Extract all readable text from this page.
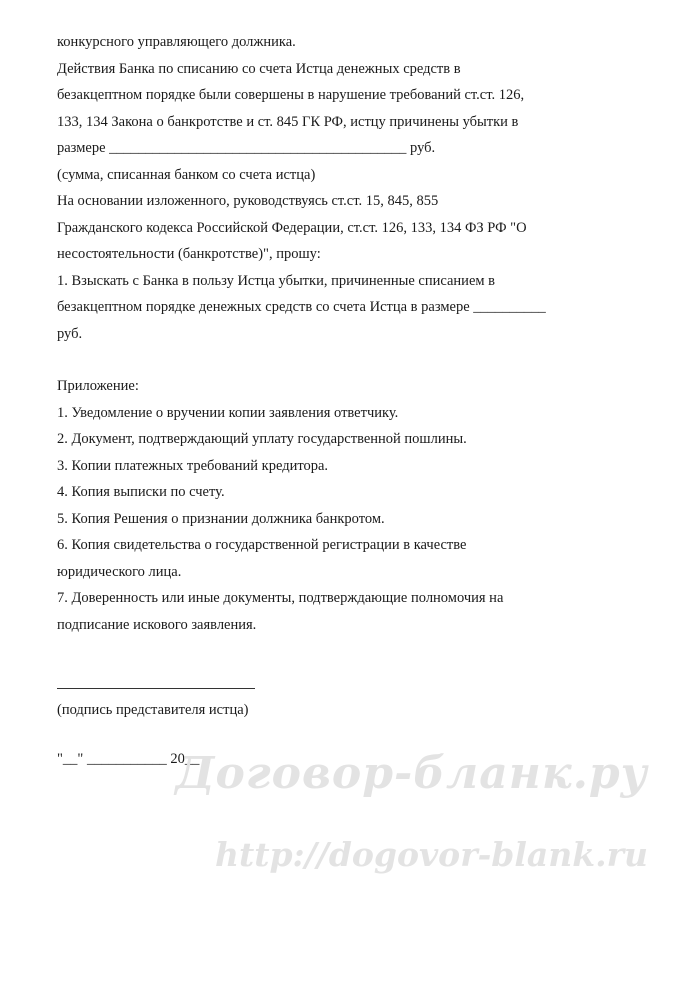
конкурсного управляющего должника.
Действия Банка по списанию со счета Истца денежных средств в
безакцептном порядке были совершены в нарушение требований ст.ст. 126,
133, 134 Закона о банкротстве и ст. 845 ГК РФ, истцу причинены убытки в
размере _________________________________________ руб.
(сумма, списанная банком со счета истца)
На основании изложенного, руководствуясь ст.ст. 15, 845, 855
Гражданского кодекса Российской Федерации, ст.ст. 126, 133, 134 ФЗ РФ "О
несостоятельности (банкротстве)", прошу:
1. Взыскать с Банка в пользу Истца убытки, причиненные списанием в
безакцептном порядке денежных средств со счета Истца в размере __________
руб.
Приложение:
1. Уведомление о вручении копии заявления ответчику.
2. Документ, подтверждающий уплату государственной пошлины.
3. Копии платежных требований кредитора.
4. Копия выписки по счету.
5. Копия Решения о признании должника банкротом.
6. Копия свидетельства о государственной регистрации в качестве
юридического лица.
7. Доверенность или иные документы, подтверждающие полномочия на
подписание искового заявления.
(подпись представителя истца)
"__" ___________ 20__ г.
Договор-бланк.ру
http://dogovor-blank.ru
